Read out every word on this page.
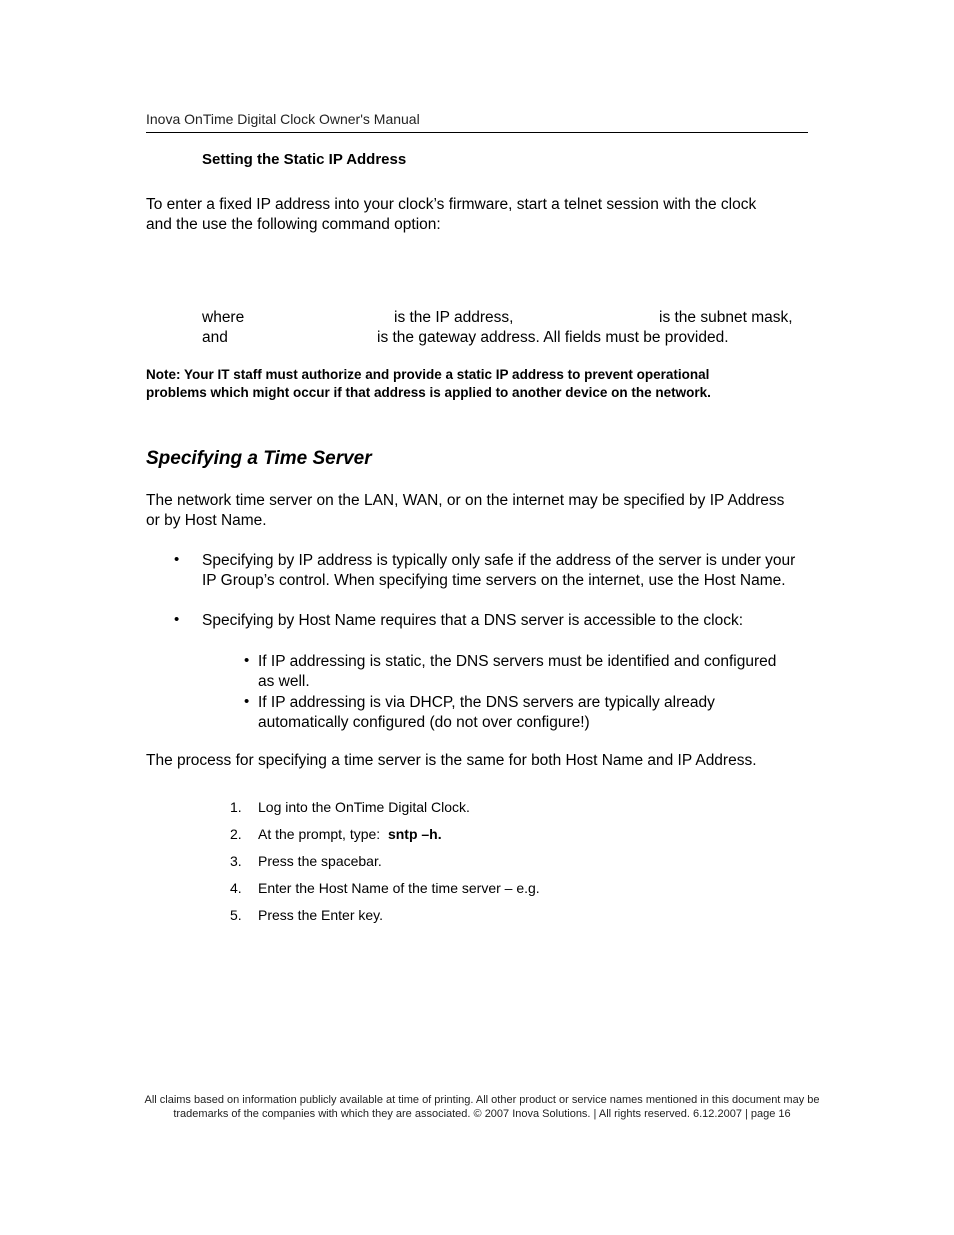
Inova OnTime Digital Clock Owner's Manual
Setting the Static IP Address
To enter a fixed IP address into your clock’s firmware, start a telnet session with the clock
and the use the following command option:
where	is the IP address,	is the subnet mask,
and	is the gateway address. All fields must be provided.
Note: Your IT staff must authorize and provide a static IP address to prevent operational
problems which might occur if that address is applied to another device on the network.
Specifying a Time Server
The network time server on the LAN, WAN, or on the internet may be specified by IP Address
or by Host Name.
• Specifying by IP address is typically only safe if the address of the server is under your
IP Group’s control. When specifying time servers on the internet, use the Host Name.
• Specifying by Host Name requires that a DNS server is accessible to the clock:
• If IP addressing is static, the DNS servers must be identified and configured
as well.
• If IP addressing is via DHCP, the DNS servers are typically already
automatically configured (do not over configure!)
The process for specifying a time server is the same for both Host Name and IP Address.
1. Log into the OnTime Digital Clock.
2. At the prompt, type:  sntp –h.
3. Press the spacebar.
4. Enter the Host Name of the time server – e.g.
5. Press the Enter key.
All claims based on information publicly available at time of printing. All other product or service names mentioned in this document may be
trademarks of the companies with which they are associated. © 2007 Inova Solutions. | All rights reserved. 6.12.2007 | page 16
